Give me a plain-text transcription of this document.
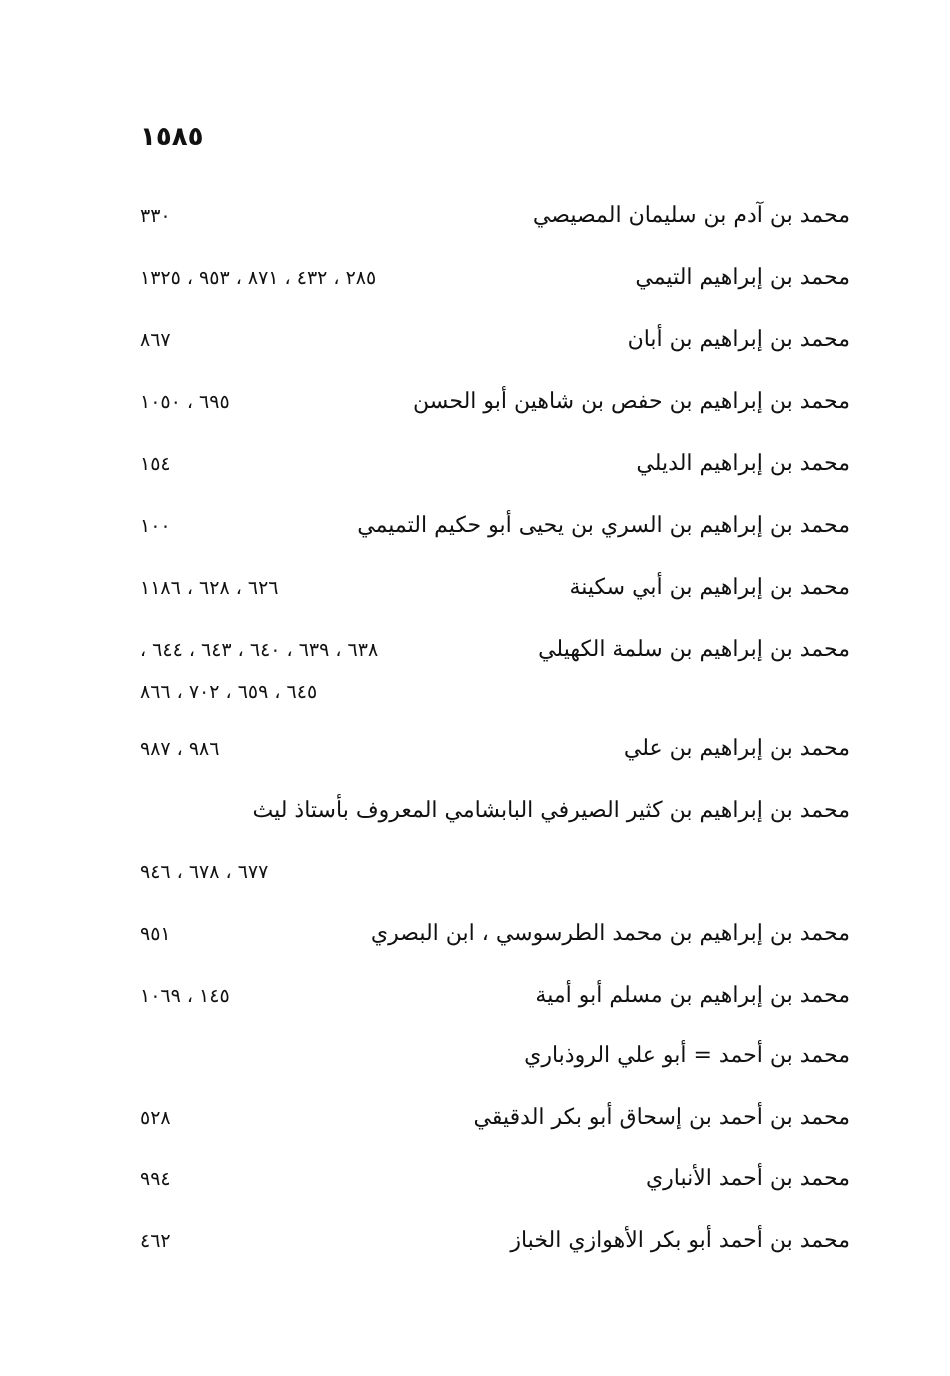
١٥٨٥
محمد بن آدم بن سليمان المصيصي
٣٣٠
محمد بن إبراهيم التيمي
٢٨٥ ، ٤٣٢ ، ٨٧١ ، ٩٥٣ ، ١٣٢٥
محمد بن إبراهيم بن أبان
٨٦٧
محمد بن إبراهيم بن حفص بن شاهين أبو الحسن
٦٩٥ ، ١٠٥٠
محمد بن إبراهيم الديلي
١٥٤
محمد بن إبراهيم بن السري بن يحيى أبو حكيم التميمي
١٠٠
محمد بن إبراهيم بن أبي سكينة
٦٢٦ ، ٦٢٨ ، ١١٨٦
محمد بن إبراهيم بن سلمة الكهيلي
٦٣٨ ، ٦٣٩ ، ٦٤٠ ، ٦٤٣ ، ٦٤٤ ،
٦٤٥ ، ٦٥٩ ، ٧٠٢ ، ٨٦٦
محمد بن إبراهيم بن علي
٩٨٦ ، ٩٨٧
محمد بن إبراهيم بن كثير الصيرفي البابشامي المعروف بأستاذ ليث
٦٧٧ ، ٦٧٨ ، ٩٤٦
محمد بن إبراهيم بن محمد الطرسوسي ، ابن البصري
٩٥١
محمد بن إبراهيم بن مسلم أبو أمية
١٤٥ ، ١٠٦٩
محمد بن أحمد = أبو علي الروذباري
محمد بن أحمد بن إسحاق أبو بكر الدقيقي
٥٢٨
محمد بن أحمد الأنباري
٩٩٤
محمد بن أحمد أبو بكر الأهوازي الخباز
٤٦٢
